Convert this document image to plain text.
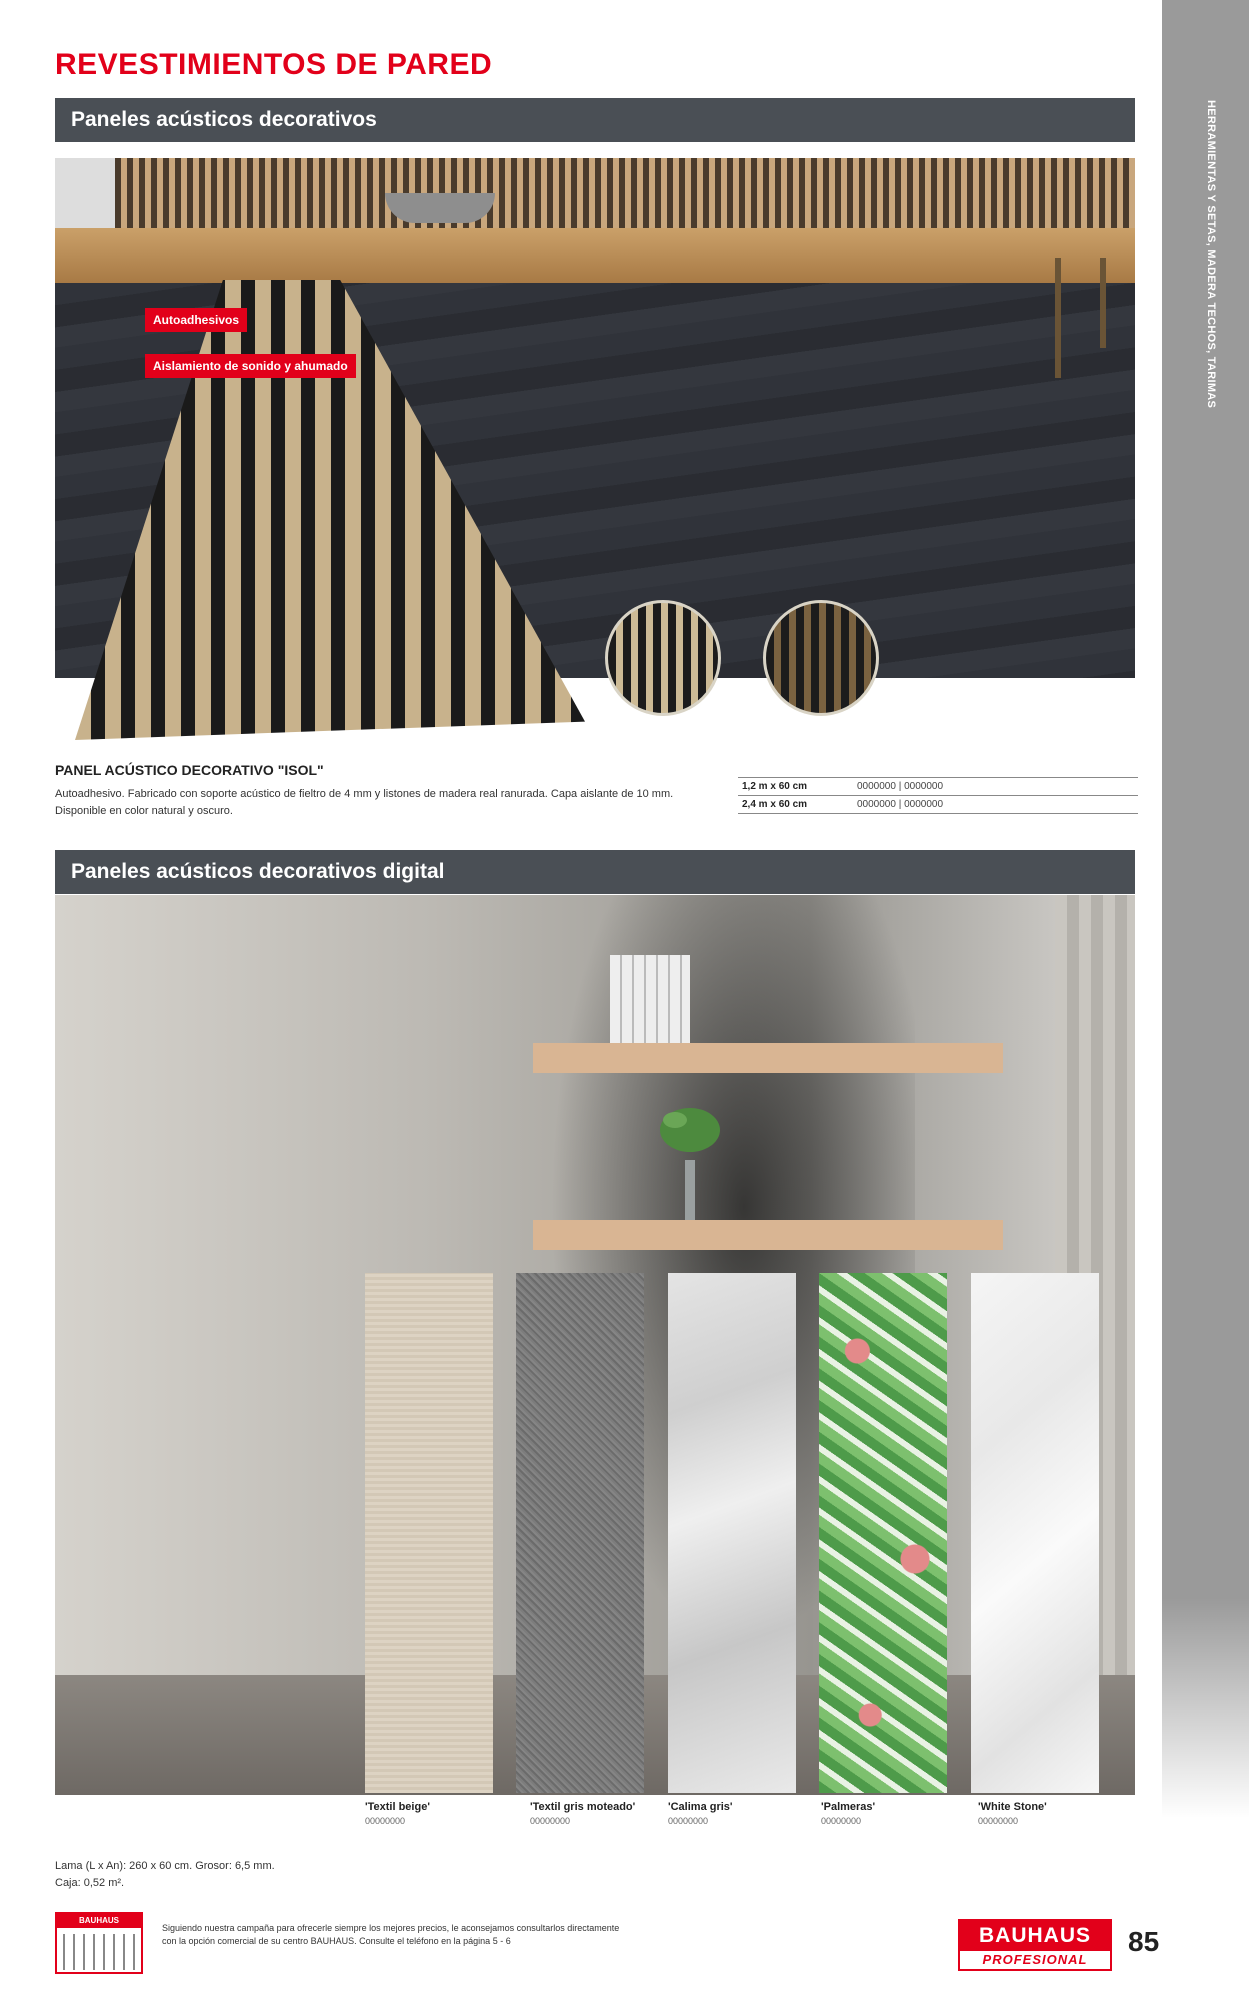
HERRAMIENTAS Y SETAS, MADERA TECHOS, TARIMAS
REVESTIMIENTOS DE PARED
Paneles acústicos decorativos
Autoadhesivos
Aislamiento de sonido y ahumado
PANEL ACÚSTICO DECORATIVO "ISOL"
Autoadhesivo. Fabricado con soporte acústico de fieltro de 4 mm y listones de madera real ranurada. Capa aislante de 10 mm. Disponible en color natural y oscuro.
1,2 m x 60 cm	0000000 | 0000000
2,4 m x 60 cm	0000000 | 0000000
Paneles acústicos decorativos digital
'Textil beige'
00000000
'Textil gris moteado'
00000000
'Calima gris'
00000000
'Palmeras'
00000000
'White Stone'
00000000
Lama (L x An): 260 x 60 cm. Grosor: 6,5 mm.
Caja: 0,52 m².
BAUHAUS
Siguiendo nuestra campaña para ofrecerle siempre los mejores precios, le aconsejamos consultarlos directamente con la opción comercial de su centro BAUHAUS. Consulte el teléfono en la página 5 - 6	BAUHAUS
PROFESIONAL
85
